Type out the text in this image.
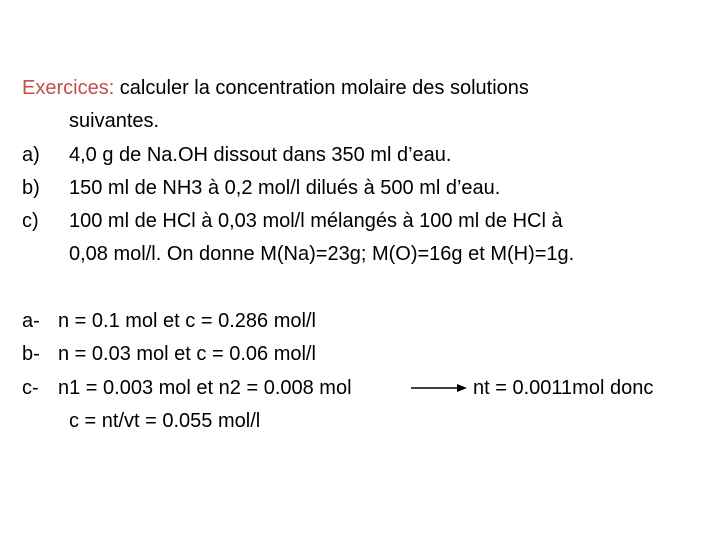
Exercices: calculer la concentration molaire des solutions
suivantes.
a) 4,0 g de Na.OH dissout dans 350 ml d’eau.
b) 150 ml de NH3 à 0,2 mol/l dilués à 500 ml d’eau.
c) 100 ml de HCl à 0,03 mol/l mélangés à 100 ml de HCl à
0,08 mol/l. On donne M(Na)=23g; M(O)=16g et M(H)=1g.
a- n = 0.1 mol et c = 0.286 mol/l
b- n = 0.03 mol et c = 0.06 mol/l
c- n1 = 0.003 mol et n2 = 0.008 mol	nt = 0.0011mol donc
c = nt/vt = 0.055 mol/l
